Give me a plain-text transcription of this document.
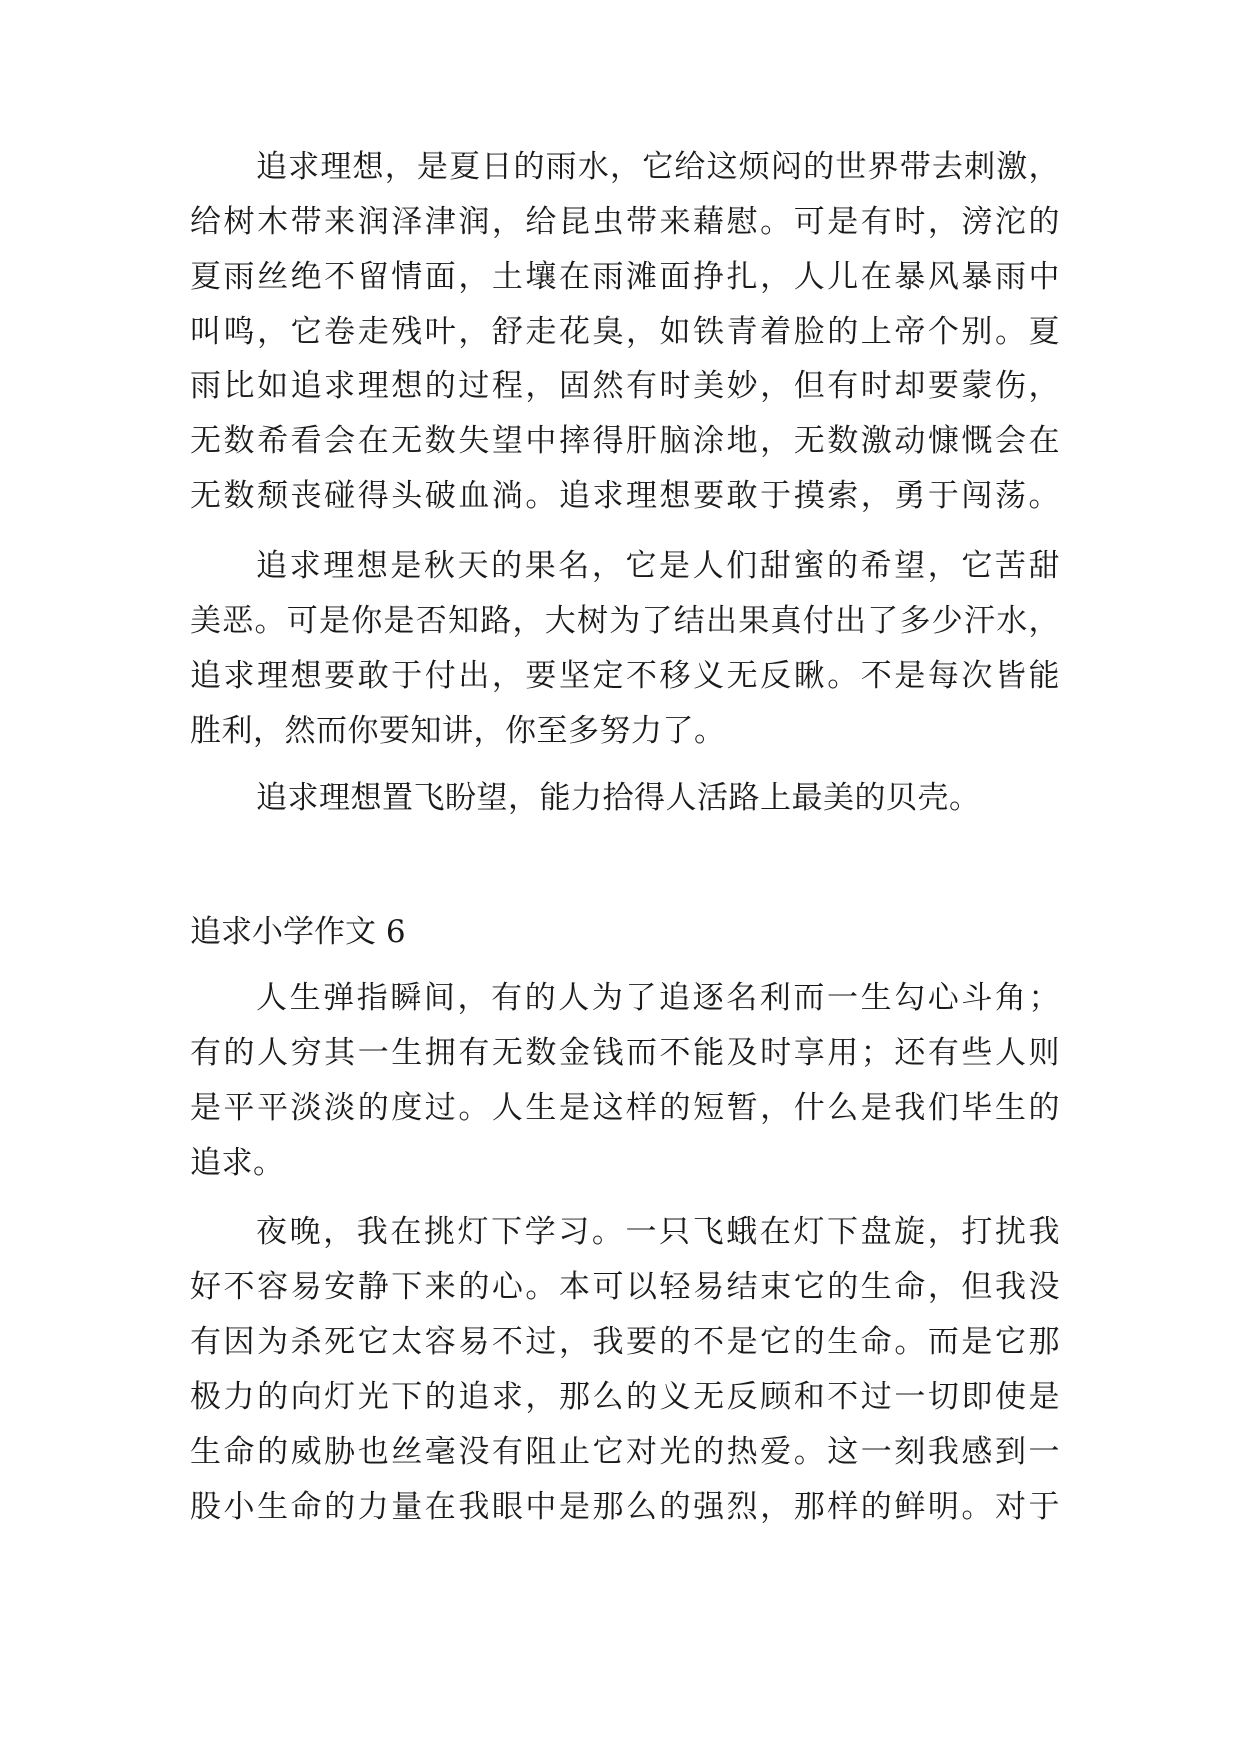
追求理想，是夏日的雨水，它给这烦闷的世界带去刺激，
给树木带来润泽津润，给昆虫带来藉慰。可是有时，滂沱的
夏雨丝绝不留情面，土壤在雨滩面挣扎，人儿在暴风暴雨中
叫鸣，它卷走残叶，舒走花臭，如铁青着脸的上帝个别。夏
雨比如追求理想的过程，固然有时美妙，但有时却要蒙伤，
无数希看会在无数失望中摔得肝脑涂地，无数激动慷慨会在
无数颓丧碰得头破血淌。追求理想要敢于摸索，勇于闯荡。
追求理想是秋天的果名，它是人们甜蜜的希望，它苦甜
美恶。可是你是否知路，大树为了结出果真付出了多少汗水，
追求理想要敢于付出，要坚定不移义无反瞅。不是每次皆能
胜利，然而你要知讲，你至多努力了。
追求理想置飞盼望，能力拾得人活路上最美的贝壳。
追求小学作文 6
人生弹指瞬间，有的人为了追逐名利而一生勾心斗角；
有的人穷其一生拥有无数金钱而不能及时享用；还有些人则
是平平淡淡的度过。人生是这样的短暂，什么是我们毕生的
追求。
夜晚，我在挑灯下学习。一只飞蛾在灯下盘旋，打扰我
好不容易安静下来的心。本可以轻易结束它的生命，但我没
有因为杀死它太容易不过，我要的不是它的生命。而是它那
极力的向灯光下的追求，那么的义无反顾和不过一切即使是
生命的威胁也丝毫没有阻止它对光的热爱。这一刻我感到一
股小生命的力量在我眼中是那么的强烈，那样的鲜明。对于
